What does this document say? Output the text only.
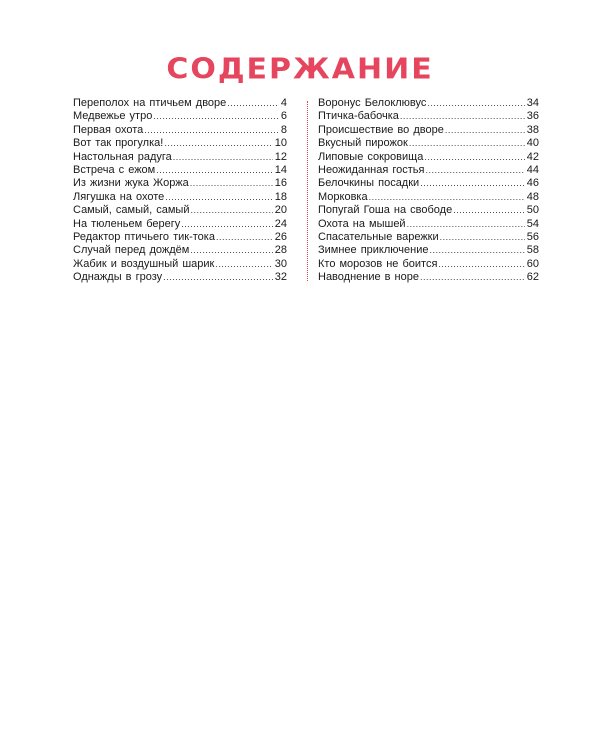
СОДЕРЖАНИЕ
Переполох на птичьем дворе .....	4
Медвежье утро .....	6
Первая охота .....	8
Вот так прогулка! .....	10
Настольная радуга .....	12
Встреча с ежом .....	14
Из жизни жука Жоржа .....	16
Лягушка на охоте .....	18
Самый, самый, самый .....	20
На тюленьем берегу .....	24
Редактор птичьего тик-тока .....	26
Случай перед дождём .....	28
Жабик и воздушный шарик .....	30
Однажды в грозу .....	32
Воронус Белоклювус .....	34
Птичка-бабочка .....	36
Происшествие во дворе .....	38
Вкусный пирожок .....	40
Липовые сокровища .....	42
Неожиданная гостья .....	44
Белочкины посадки .....	46
Морковка .....	48
Попугай Гоша на свободе .....	50
Охота на мышей .....	54
Спасательные варежки .....	56
Зимнее приключение .....	58
Кто морозов не боится .....	60
Наводнение в норе .....	62
